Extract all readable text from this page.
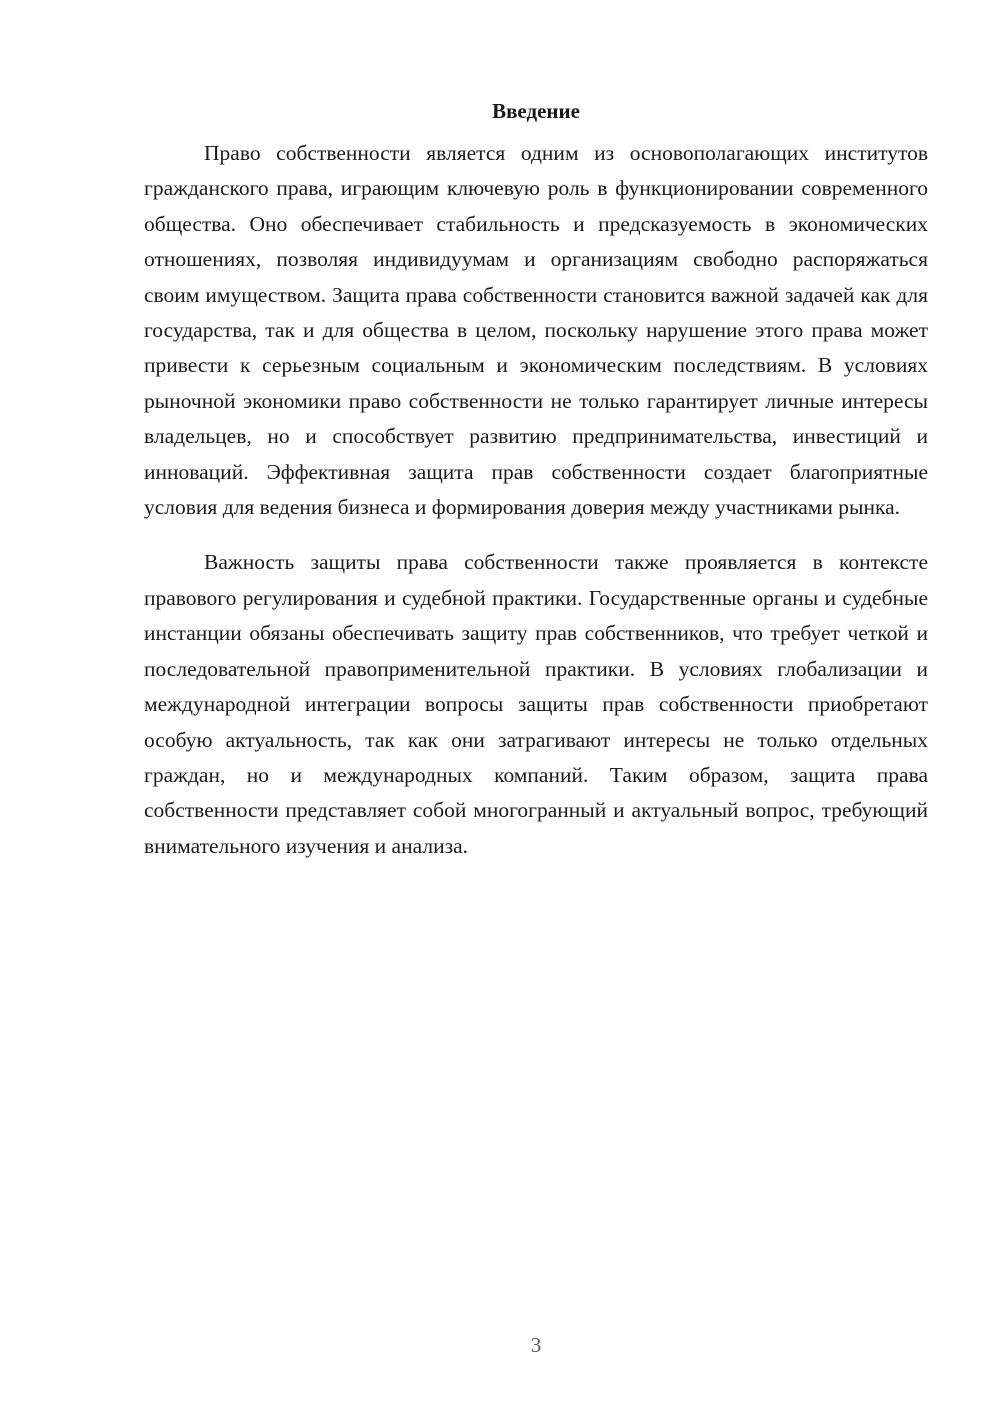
Введение

Право собственности является одним из основополагающих институтов гражданского права, играющим ключевую роль в функционировании современного общества. Оно обеспечивает стабильность и предсказуемость в экономических отношениях, позволяя индивидуумам и организациям свободно распоряжаться своим имуществом. Защита права собственности становится важной задачей как для государства, так и для общества в целом, поскольку нарушение этого права может привести к серьезным социальным и экономическим последствиям. В условиях рыночной экономики право собственности не только гарантирует личные интересы владельцев, но и способствует развитию предпринимательства, инвестиций и инноваций. Эффективная защита прав собственности создает благоприятные условия для ведения бизнеса и формирования доверия между участниками рынка.

Важность защиты права собственности также проявляется в контексте правового регулирования и судебной практики. Государственные органы и судебные инстанции обязаны обеспечивать защиту прав собственников, что требует четкой и последовательной правоприменительной практики. В условиях глобализации и международной интеграции вопросы защиты прав собственности приобретают особую актуальность, так как они затрагивают интересы не только отдельных граждан, но и международных компаний. Таким образом, защита права собственности представляет собой многогранный и актуальный вопрос, требующий внимательного изучения и анализа.

3
